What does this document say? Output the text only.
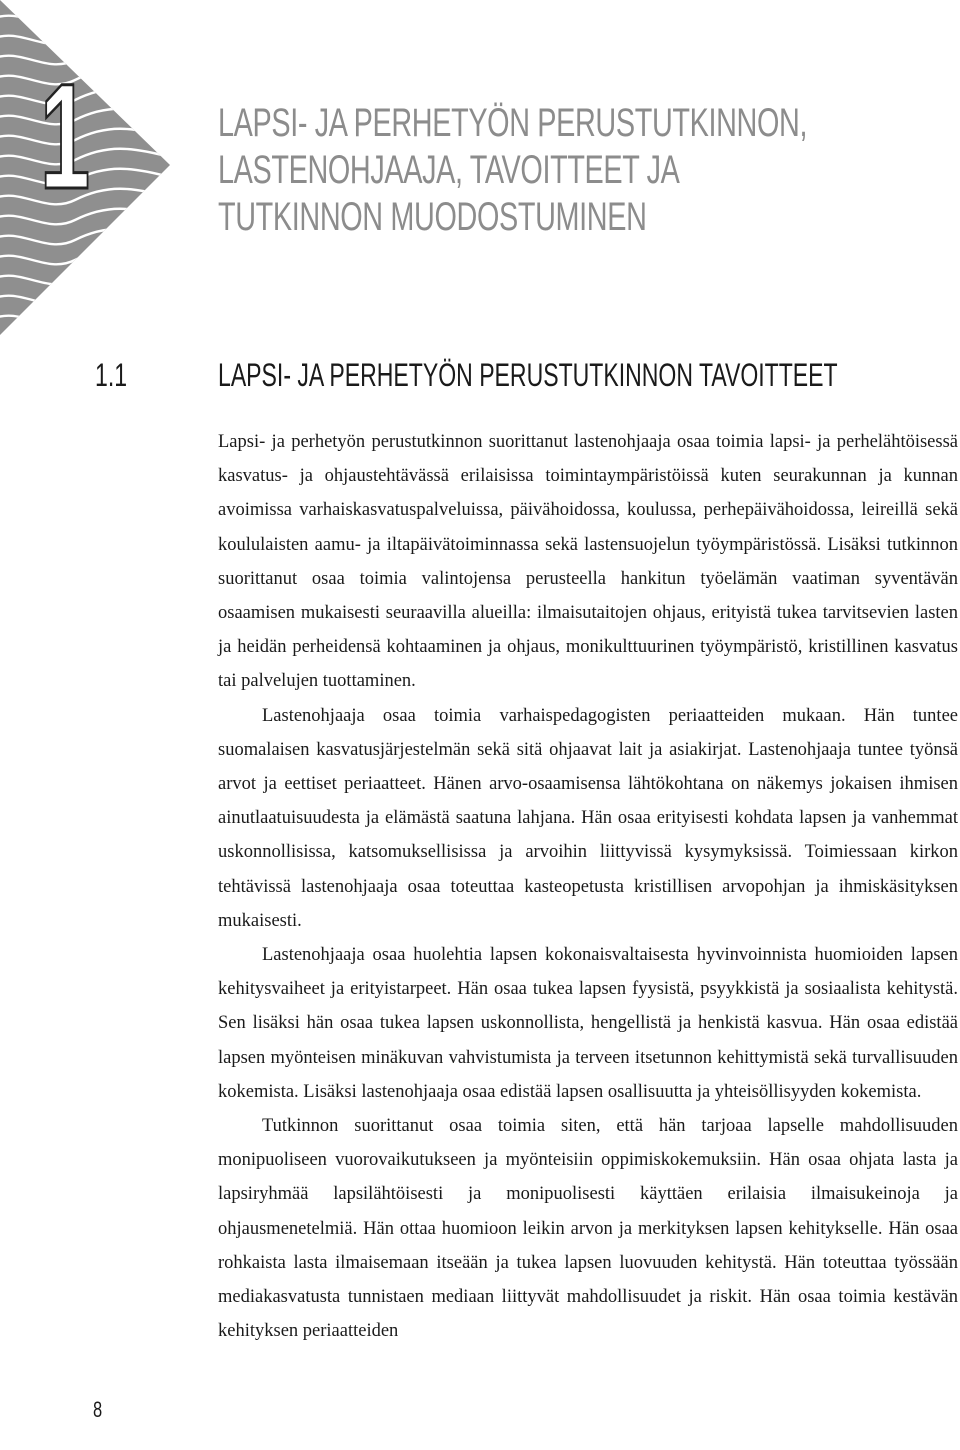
1	LAPSI- JA PERHETYÖN PERUSTUTKINNON,
LASTENOHJAAJA, TAVOITTEET JA
TUTKINNON MUODOSTUMINEN
1.1	LAPSI- JA PERHETYÖN PERUSTUTKINNON TAVOITTEET

Lapsi- ja perhetyön perustutkinnon suorittanut lastenohjaaja osaa toimia lapsi- ja perhelähtöisessä kasvatus- ja ohjaustehtävässä erilaisissa toimintaympäristöissä kuten seurakunnan ja kunnan avoimissa varhaiskasvatuspalveluissa, päivähoidossa, koulussa, perhepäivähoidossa, leireillä sekä koululaisten aamu- ja iltapäivätoiminnassa sekä lastensuojelun työympäristössä. Lisäksi tutkinnon suorittanut osaa toimia valintojensa perusteella hankitun työelämän vaatiman syventävän osaamisen mukaisesti seuraavilla alueilla: ilmaisutaitojen ohjaus, erityistä tukea tarvitsevien lasten ja heidän perheidensä kohtaaminen ja ohjaus, monikulttuurinen työympäristö, kristillinen kasvatus tai palvelujen tuottaminen.

Lastenohjaaja osaa toimia varhaispedagogisten periaatteiden mukaan. Hän tuntee suomalaisen kasvatusjärjestelmän sekä sitä ohjaavat lait ja asiakirjat. Lastenohjaaja tuntee työnsä arvot ja eettiset periaatteet. Hänen arvo-osaamisensa lähtökohtana on näkemys jokaisen ihmisen ainutlaatuisuudesta ja elämästä saatuna lahjana. Hän osaa erityisesti kohdata lapsen ja vanhemmat uskonnollisissa, katsomuksellisissa ja arvoihin liittyvissä kysymyksissä. Toimiessaan kirkon tehtävissä lastenohjaaja osaa toteuttaa kasteopetusta kristillisen arvopohjan ja ihmiskäsityksen mukaisesti.

Lastenohjaaja osaa huolehtia lapsen kokonaisvaltaisesta hyvinvoinnista huomioiden lapsen kehitysvaiheet ja erityistarpeet. Hän osaa tukea lapsen fyysistä, psyykkistä ja sosiaalista kehitystä. Sen lisäksi hän osaa tukea lapsen uskonnollista, hengellistä ja henkistä kasvua. Hän osaa edistää lapsen myönteisen minäkuvan vahvistumista ja terveen itsetunnon kehittymistä sekä turvallisuuden kokemista. Lisäksi lastenohjaaja osaa edistää lapsen osallisuutta ja yhteisöllisyyden kokemista.

Tutkinnon suorittanut osaa toimia siten, että hän tarjoaa lapselle mahdollisuuden monipuoliseen vuorovaikutukseen ja myönteisiin oppimiskokemuksiin. Hän osaa ohjata lasta ja lapsiryhmää lapsilähtöisesti ja monipuolisesti käyttäen erilaisia ilmaisukeinoja ja ohjausmenetelmiä. Hän ottaa huomioon leikin arvon ja merkityksen lapsen kehitykselle. Hän osaa rohkaista lasta ilmaisemaan itseään ja tukea lapsen luovuuden kehitystä. Hän toteuttaa työssään mediakasvatusta tunnistaen mediaan liittyvät mahdollisuudet ja riskit. Hän osaa toimia kestävän kehityksen periaatteiden

8
